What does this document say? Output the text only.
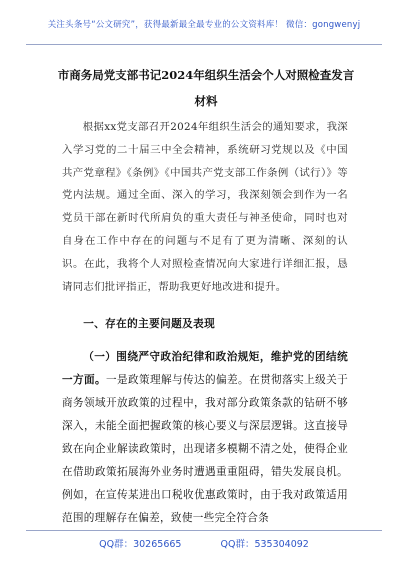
关注头条号“公文研究”，获得最新最全最专业的公文资料库！ 微信：gongwenyj
市商务局党支部书记2024年组织生活会个人对照检查发言
材料

根据xx党支部召开2024年组织生活会的通知要求，我深入学习党的二十届三中全会精神，系统研习党规以及《中国共产党章程》《条例》《中国共产党支部工作条例（试行）》等党内法规。通过全面、深入的学习，我深刻领会到作为一名党员干部在新时代所肩负的重大责任与神圣使命，同时也对自身在工作中存在的问题与不足有了更为清晰、深刻的认识。在此，我将个人对照检查情况向大家进行详细汇报，恳请同志们批评指正，帮助我更好地改进和提升。

一、存在的主要问题及表现

（一）围绕严守政治纪律和政治规矩，维护党的团结统一方面。一是政策理解与传达的偏差。在贯彻落实上级关于商务领域开放政策的过程中，我对部分政策条款的钻研不够深入，未能全面把握政策的核心要义与深层逻辑。这直接导致在向企业解读政策时，出现诸多模糊不清之处，使得企业在借助政策拓展海外业务时遭遇重重阻碍，错失发展良机。例如，在宣传某进出口税收优惠政策时，由于我对政策适用范围的理解存在偏差，致使一些完全符合条

QQ群：30265665	QQ群：535304092
